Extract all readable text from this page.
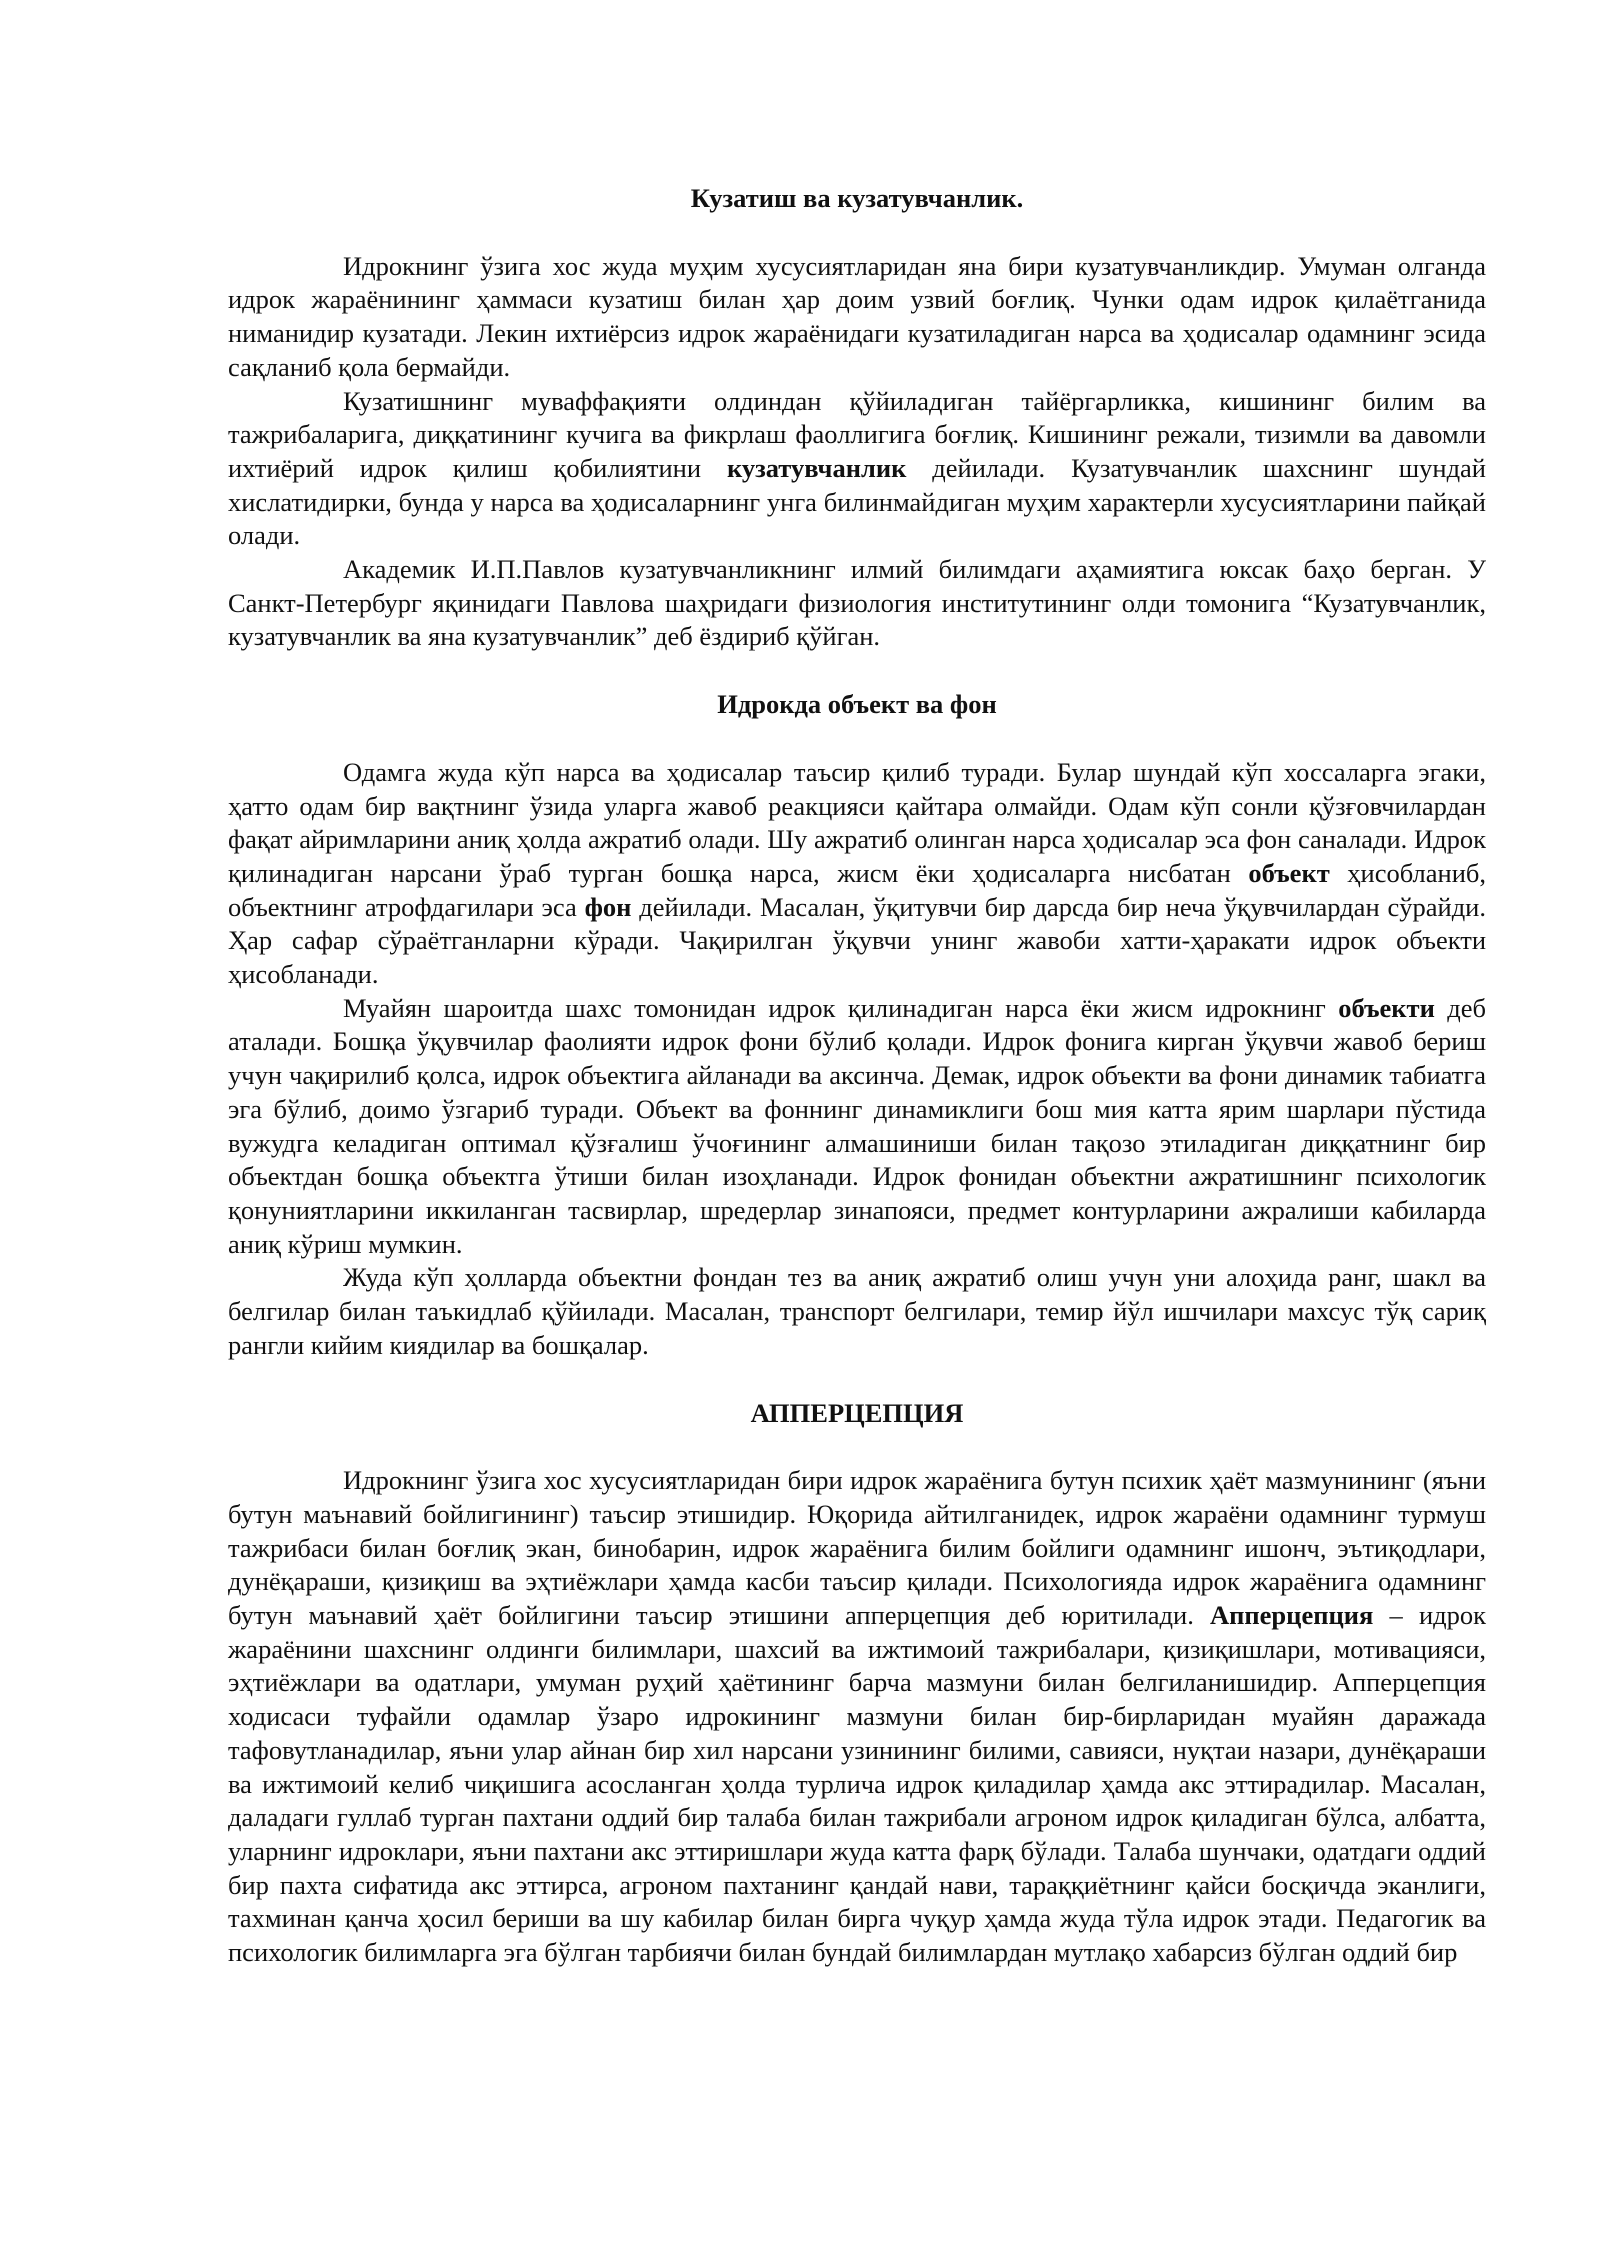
Кузатиш ва кузатувчанлик.

Идрокнинг ўзига хос жуда муҳим хусусиятларидан яна бири кузатувчанликдир. Умуман олганда идрок жараёнининг ҳаммаси кузатиш билан ҳар доим узвий боғлиқ. Чунки одам идрок қилаётганида ниманидир кузатади. Лекин ихтиёрсиз идрок жараёнидаги кузатиладиган нарса ва ҳодисалар одамнинг эсида сақланиб қола бермайди.

Кузатишнинг муваффақияти олдиндан қўйиладиган тайёргарликка, кишининг билим ва тажрибаларига, диққатининг кучига ва фикрлаш фаоллигига боғлиқ. Кишининг режали, тизимли ва давомли ихтиёрий идрок қилиш қобилиятини кузатувчанлик дейилади. Кузатувчанлик шахснинг шундай хислатидирки, бунда у нарса ва ҳодисаларнинг унга билинмайдиган муҳим характерли хусусиятларини пайқай олади.

Академик И.П.Павлов кузатувчанликнинг илмий билимдаги аҳамиятига юксак баҳо берган. У Санкт-Петербург яқинидаги Павлова шаҳридаги физиология институтининг олди томонига “Кузатувчанлик, кузатувчанлик ва яна кузатувчанлик” деб ёздириб қўйган.

Идрокда объект ва фон

Одамга жуда кўп нарса ва ҳодисалар таъсир қилиб туради. Булар шундай кўп хоссаларга эгаки, ҳатто одам бир вақтнинг ўзида уларга жавоб реакцияси қайтара олмайди. Одам кўп сонли қўзғовчилардан фақат айримларини аниқ ҳолда ажратиб олади. Шу ажратиб олинган нарса ҳодисалар эса фон саналади. Идрок қилинадиган нарсани ўраб турган бошқа нарса, жисм ёки ҳодисаларга нисбатан объект ҳисобланиб, объектнинг атрофдагилари эса фон дейилади. Масалан, ўқитувчи бир дарсда бир неча ўқувчилардан сўрайди. Ҳар сафар сўраётганларни кўради. Чақирилган ўқувчи унинг жавоби хатти-ҳаракати идрок объекти ҳисобланади.

Муайян шароитда шахс томонидан идрок қилинадиган нарса ёки жисм идрокнинг объекти деб аталади. Бошқа ўқувчилар фаолияти идрок фони бўлиб қолади. Идрок фонига кирган ўқувчи жавоб бериш учун чақирилиб қолса, идрок объектига айланади ва аксинча. Демак, идрок объекти ва фони динамик табиатга эга бўлиб, доимо ўзгариб туради. Объект ва фоннинг динамиклиги бош мия катта ярим шарлари пўстида вужудга келадиган оптимал қўзғалиш ўчоғининг алмашиниши билан тақозо этиладиган диққатнинг бир объектдан бошқа объектга ўтиши билан изоҳланади. Идрок фонидан объектни ажратишнинг психологик қонуниятларини иккиланган тасвирлар, шредерлар зинапояси, предмет контурларини ажралиши кабиларда аниқ кўриш мумкин.

Жуда кўп ҳолларда объектни фондан тез ва аниқ ажратиб олиш учун уни алоҳида ранг, шакл ва белгилар билан таъкидлаб қўйилади. Масалан, транспорт белгилари, темир йўл ишчилари махсус тўқ сариқ рангли кийим киядилар ва бошқалар.

АППЕРЦЕПЦИЯ

Идрокнинг ўзига хос хусусиятларидан бири идрок жараёнига бутун психик ҳаёт мазмунининг (яъни бутун маънавий бойлигининг) таъсир этишидир. Юқорида айтилганидек, идрок жараёни одамнинг турмуш тажрибаси билан боғлиқ экан, бинобарин, идрок жараёнига билим бойлиги одамнинг ишонч, эътиқодлари, дунёқараши, қизиқиш ва эҳтиёжлари ҳамда касби таъсир қилади. Психологияда идрок жараёнига одамнинг бутун маънавий ҳаёт бойлигини таъсир этишини апперцепция деб юритилади. Апперцепция – идрок жараёнини шахснинг олдинги билимлари, шахсий ва ижтимоий тажрибалари, қизиқишлари, мотивацияси, эҳтиёжлари ва одатлари, умуман руҳий ҳаётининг барча мазмуни билан белгиланишидир. Апперцепция ходисаси туфайли одамлар ўзаро идрокининг мазмуни билан бир-бирларидан муайян даражада тафовутланадилар, яъни улар айнан бир хил нарсани узинининг билими, савияси, нуқтаи назари, дунёқараши ва ижтимоий келиб чиқишига асосланган ҳолда турлича идрок қиладилар ҳамда акс эттирадилар. Масалан, даладаги гуллаб турган пахтани оддий бир талаба билан тажрибали агроном идрок қиладиган бўлса, албатта, уларнинг идроклари, яъни пахтани акс эттиришлари жуда катта фарқ бўлади. Талаба шунчаки, одатдаги оддий бир пахта сифатида акс эттирса, агроном пахтанинг қандай нави, тараққиётнинг қайси босқичда эканлиги, тахминан қанча ҳосил бериши ва шу кабилар билан бирга чуқур ҳамда жуда тўла идрок этади. Педагогик ва психологик билимларга эга бўлган тарбиячи билан бундай билимлардан мутлақо хабарсиз бўлган оддий бир
